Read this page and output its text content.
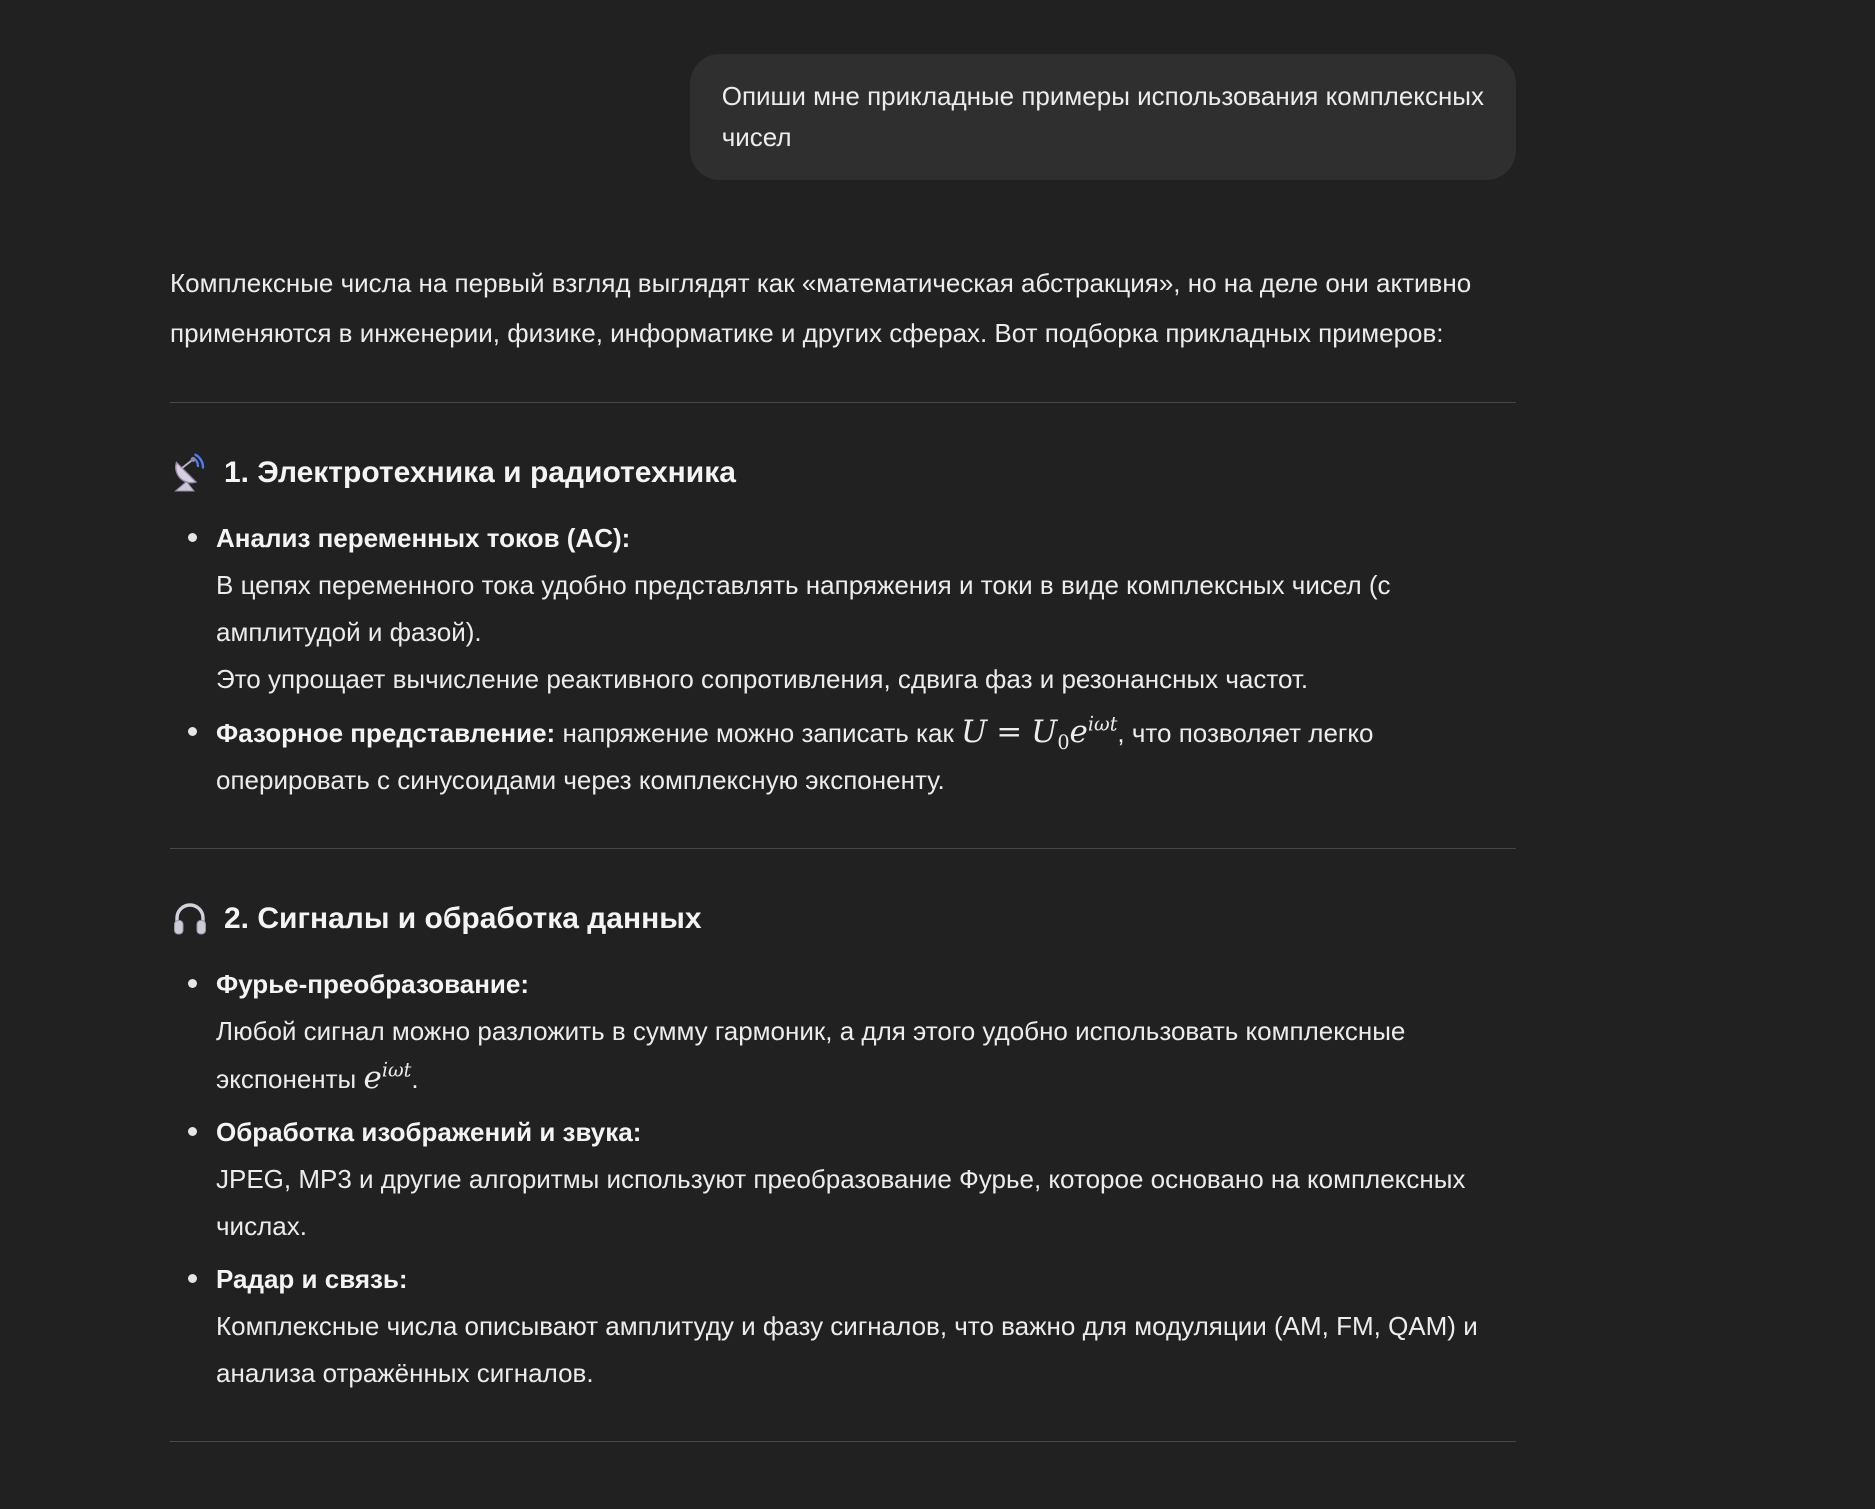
Опиши мне прикладные примеры использования комплексных
чисел

Комплексные числа на первый взгляд выглядят как «математическая абстракция», но на деле они активно применяются в инженерии, физике, информатике и других сферах. Вот подборка прикладных примеров:

1. Электротехника и радиотехника
Анализ переменных токов (AC):
В цепях переменного тока удобно представлять напряжения и токи в виде комплексных чисел (с амплитудой и фазой).
Это упрощает вычисление реактивного сопротивления, сдвига фаз и резонансных частот.
Фазорное представление: напряжение можно записать как $U = U_0e^{i\omega t}$, что позволяет легко оперировать с синусоидами через комплексную экспоненту.
2. Сигналы и обработка данных
Фурье-преобразование:
Любой сигнал можно разложить в сумму гармоник, а для этого удобно использовать комплексные экспоненты $e^{i\omega t}$.
Обработка изображений и звука:
JPEG, MP3 и другие алгоритмы используют преобразование Фурье, которое основано на комплексных числах.
Радар и связь:
Комплексные числа описывают амплитуду и фазу сигналов, что важно для модуляции (AM, FM, QAM) и анализа отражённых сигналов.
